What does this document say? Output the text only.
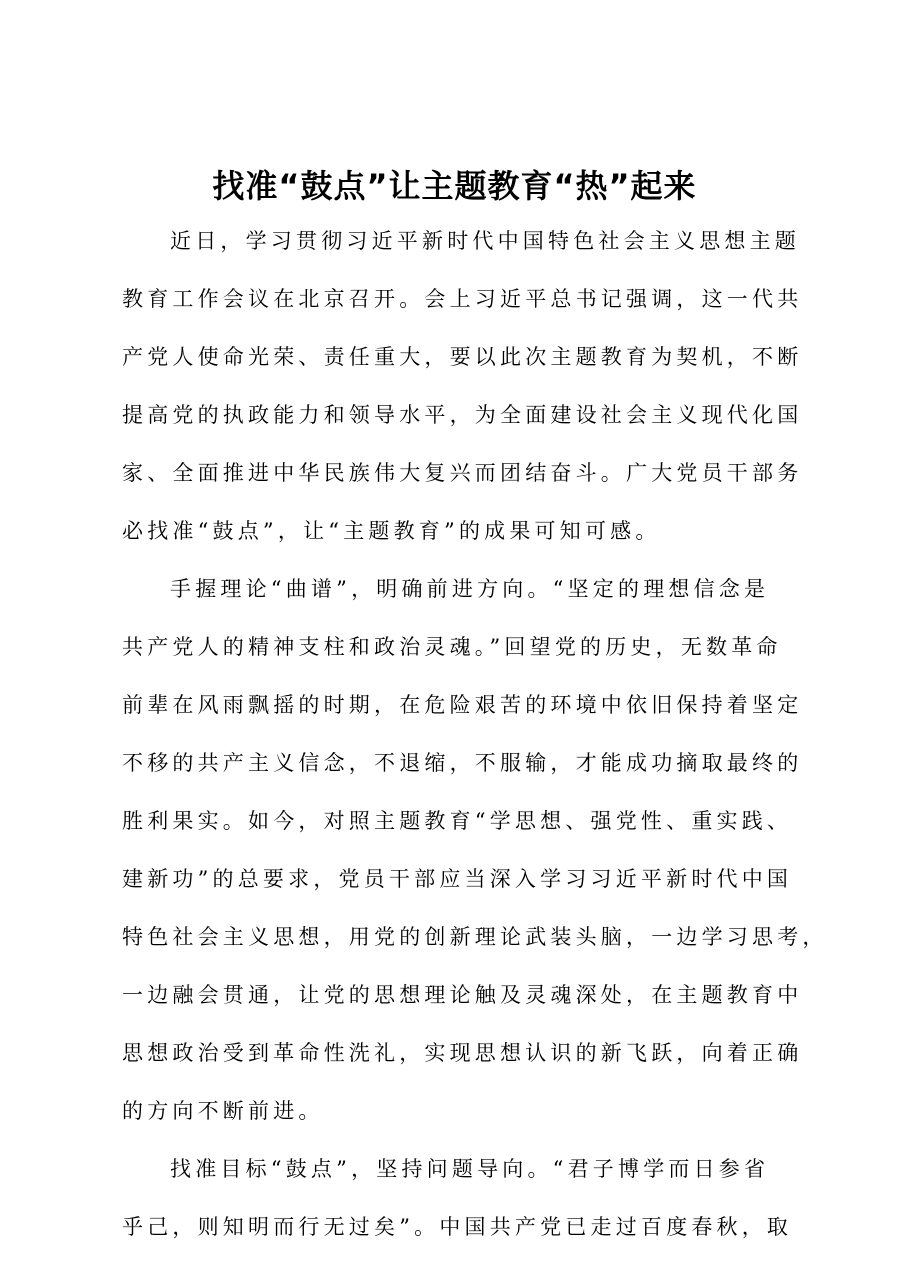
找准“鼓点”让主题教育“热”起来

近日，学习贯彻习近平新时代中国特色社会主义思想主题

教育工作会议在北京召开。会上习近平总书记强调，这一代共

产党人使命光荣、责任重大，要以此次主题教育为契机，不断

提高党的执政能力和领导水平，为全面建设社会主义现代化国

家、全面推进中华民族伟大复兴而团结奋斗。广大党员干部务

必找准“鼓点”，让“主题教育”的成果可知可感。

手握理论“曲谱”，明确前进方向。“坚定的理想信念是

共产党人的精神支柱和政治灵魂。”回望党的历史，无数革命

前辈在风雨飘摇的时期，在危险艰苦的环境中依旧保持着坚定

不移的共产主义信念，不退缩，不服输，才能成功摘取最终的

胜利果实。如今，对照主题教育“学思想、强党性、重实践、

建新功”的总要求，党员干部应当深入学习习近平新时代中国

特色社会主义思想，用党的创新理论武装头脑，一边学习思考，

一边融会贯通，让党的思想理论触及灵魂深处，在主题教育中

思想政治受到革命性洗礼，实现思想认识的新飞跃，向着正确

的方向不断前进。

找准目标“鼓点”，坚持问题导向。“君子博学而日参省

乎己，则知明而行无过矣”。中国共产党已走过百度春秋，取
